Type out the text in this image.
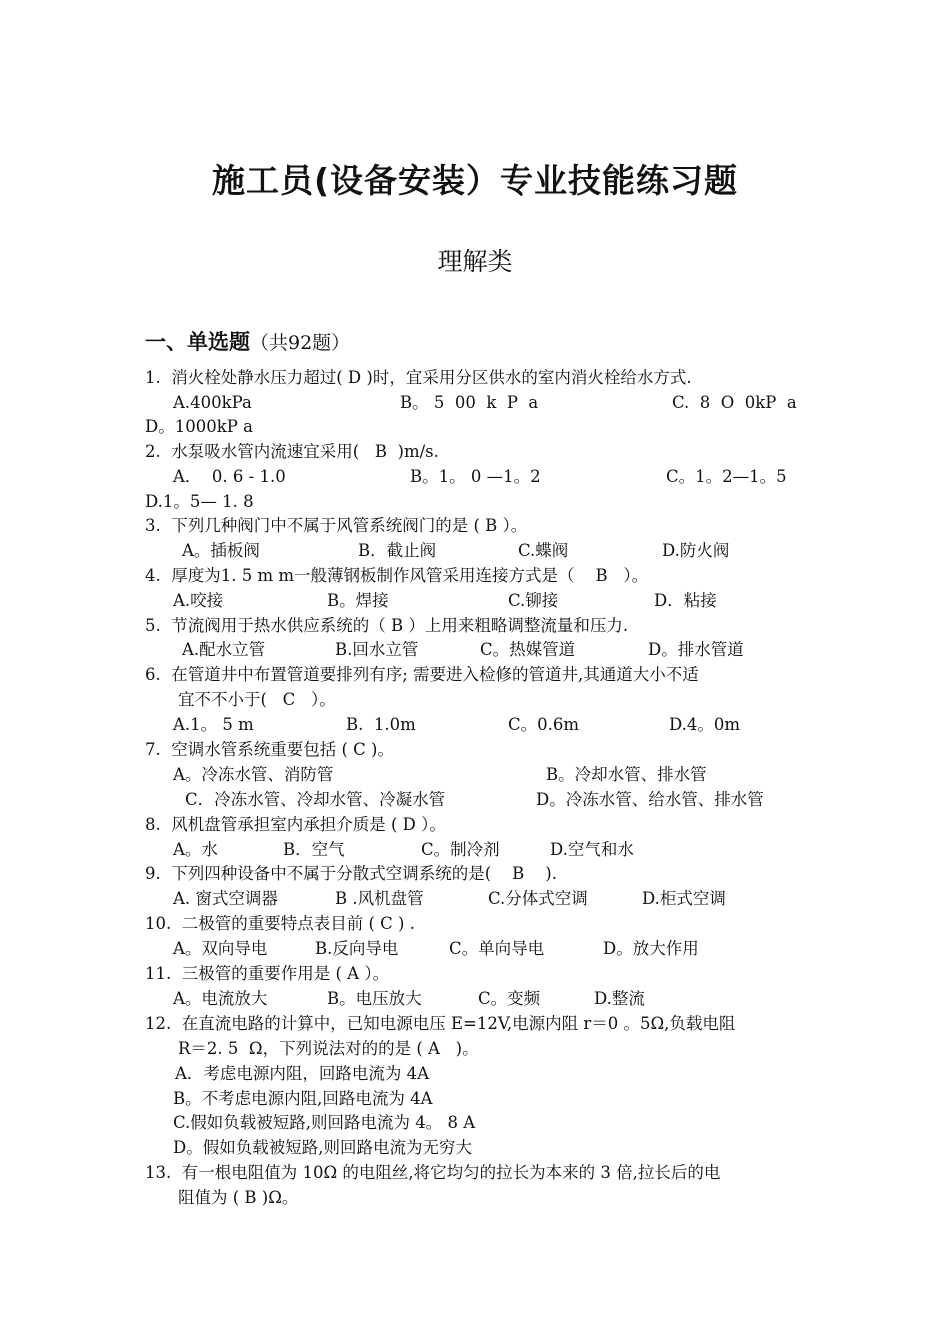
施工员(设备安装）专业技能练习题
理解类
一、单选题（共92题）
1.  消火栓处静水压力超过( D )时，宜采用分区供水的室内消火栓给水方式.
A.400kPa	B。 5  00  k  P  a	C.  8  O  0kP  a
D。1000kP a
2.  水泵吸水管内流速宜采用(   B  )m/s.
A．  0. 6 - 1.0	B。1。 0 —1。2	C。1。2—1。5
D.1。5— 1. 8
3.  下列几种阀门中不属于风管系统阀门的是 ( B ）。
A。插板阀	B．截止阀	C.蝶阀	D.防火阀
4.  厚度为1. 5 m m一般薄钢板制作风管采用连接方式是（    B   ）。
A.咬接	B。焊接	C.铆接	D．粘接
5.  节流阀用于热水供应系统的（ B ）上用来粗略调整流量和压力.
A.配水立管	B.回水立管	C。热媒管道	D。排水管道
6.  在管道井中布置管道要排列有序; 需要进入检修的管道井,其通道大小不适
宜不不小于(   C   ）。
A.1。 5 m	B.  1.0m	C。0.6m	D.4。0m
7.  空调水管系统重要包括 ( C )。
A。冷冻水管、消防管	B。冷却水管、排水管
C．冷冻水管、冷却水管、冷凝水管	D。冷冻水管、给水管、排水管
8.  风机盘管承担室内承担介质是 ( D ）。
A。水	B．空气	C。制冷剂	D.空气和水
9.  下列四种设备中不属于分散式空调系统的是(    B    ).
A. 窗式空调器	B .风机盘管	C.分体式空调	D.柜式空调
10.  二极管的重要特点表目前 ( C ) .
A。双向导电	B.反向导电	C。单向导电	D。放大作用
11.  三极管的重要作用是 ( A ）。
A。电流放大	B。电压放大	C。变频	D.整流
12.  在直流电路的计算中，已知电源电压 E=12V,电源内阻 r＝0 。5Ω,负载电阻
R＝2. 5  Ω，下列说法对的的是 ( A   )。
A．考虑电源内阻，回路电流为 4A
B。不考虑电源内阻,回路电流为 4A
C.假如负载被短路,则回路电流为 4。 8 A
D。假如负载被短路,则回路电流为无穷大
13.  有一根电阻值为 10Ω 的电阻丝,将它均匀的拉长为本来的 3 倍,拉长后的电
阻值为 ( B )Ω。
